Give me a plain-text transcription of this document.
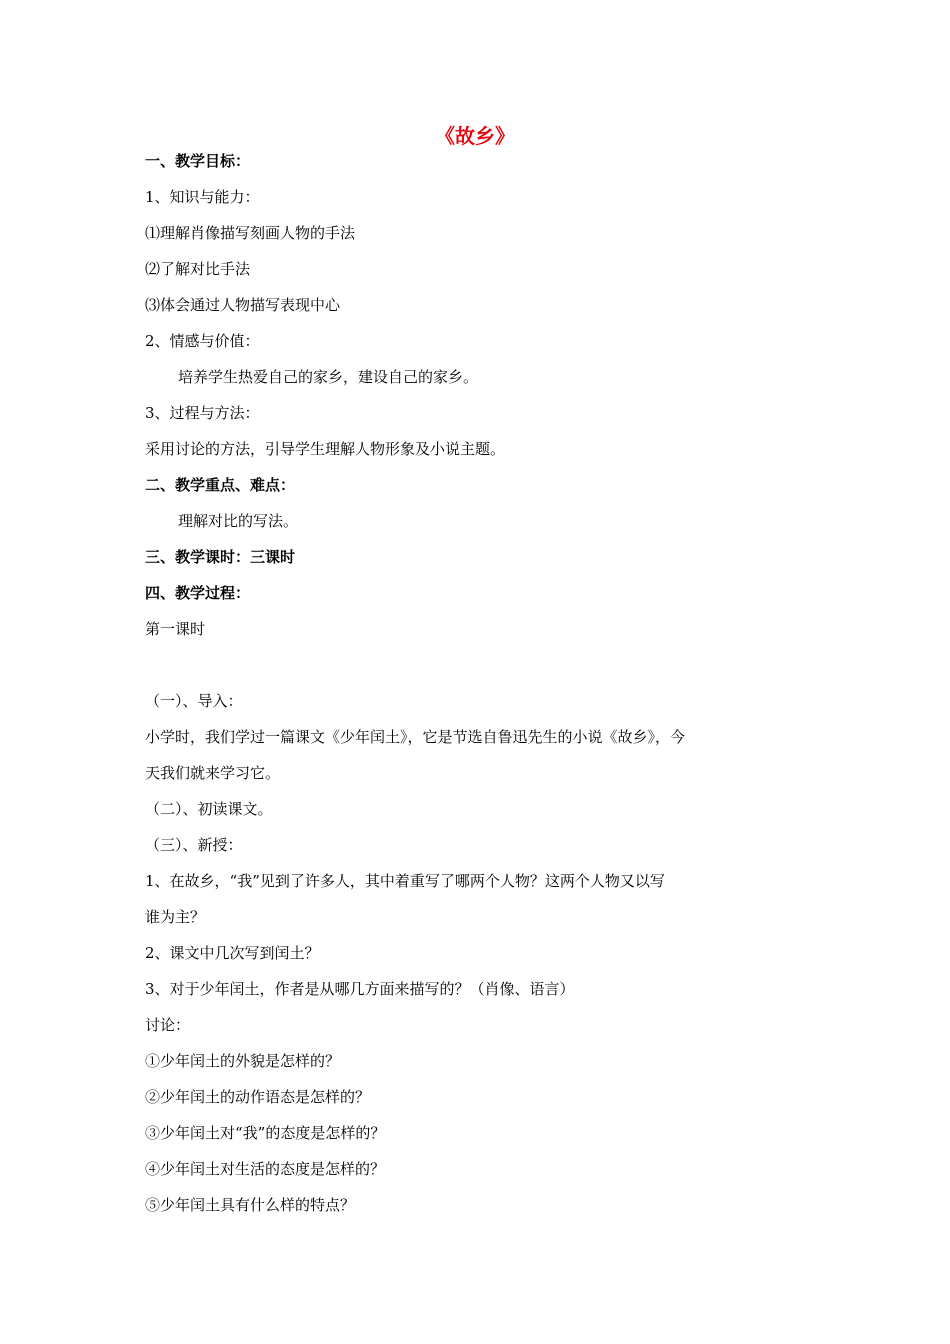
《故乡》
一、教学目标：
1、知识与能力：
⑴理解肖像描写刻画人物的手法
⑵了解对比手法
⑶体会通过人物描写表现中心
2、情感与价值：
培养学生热爱自己的家乡，建设自己的家乡。
3、过程与方法：
采用讨论的方法，引导学生理解人物形象及小说主题。
二、教学重点、难点：
理解对比的写法。
三、教学课时：三课时
四、教学过程：
第一课时
（一）、导入：
小学时，我们学过一篇课文《少年闰土》，它是节选自鲁迅先生的小说《故乡》，今
天我们就来学习它。
（二）、初读课文。
（三）、新授：
1、在故乡，“我”见到了许多人，其中着重写了哪两个人物？这两个人物又以写
谁为主？
2、课文中几次写到闰土？
3、对于少年闰土，作者是从哪几方面来描写的？（肖像、语言）
讨论：
①少年闰土的外貌是怎样的？
②少年闰土的动作语态是怎样的？
③少年闰土对“我”的态度是怎样的？
④少年闰土对生活的态度是怎样的？
⑤少年闰土具有什么样的特点？
